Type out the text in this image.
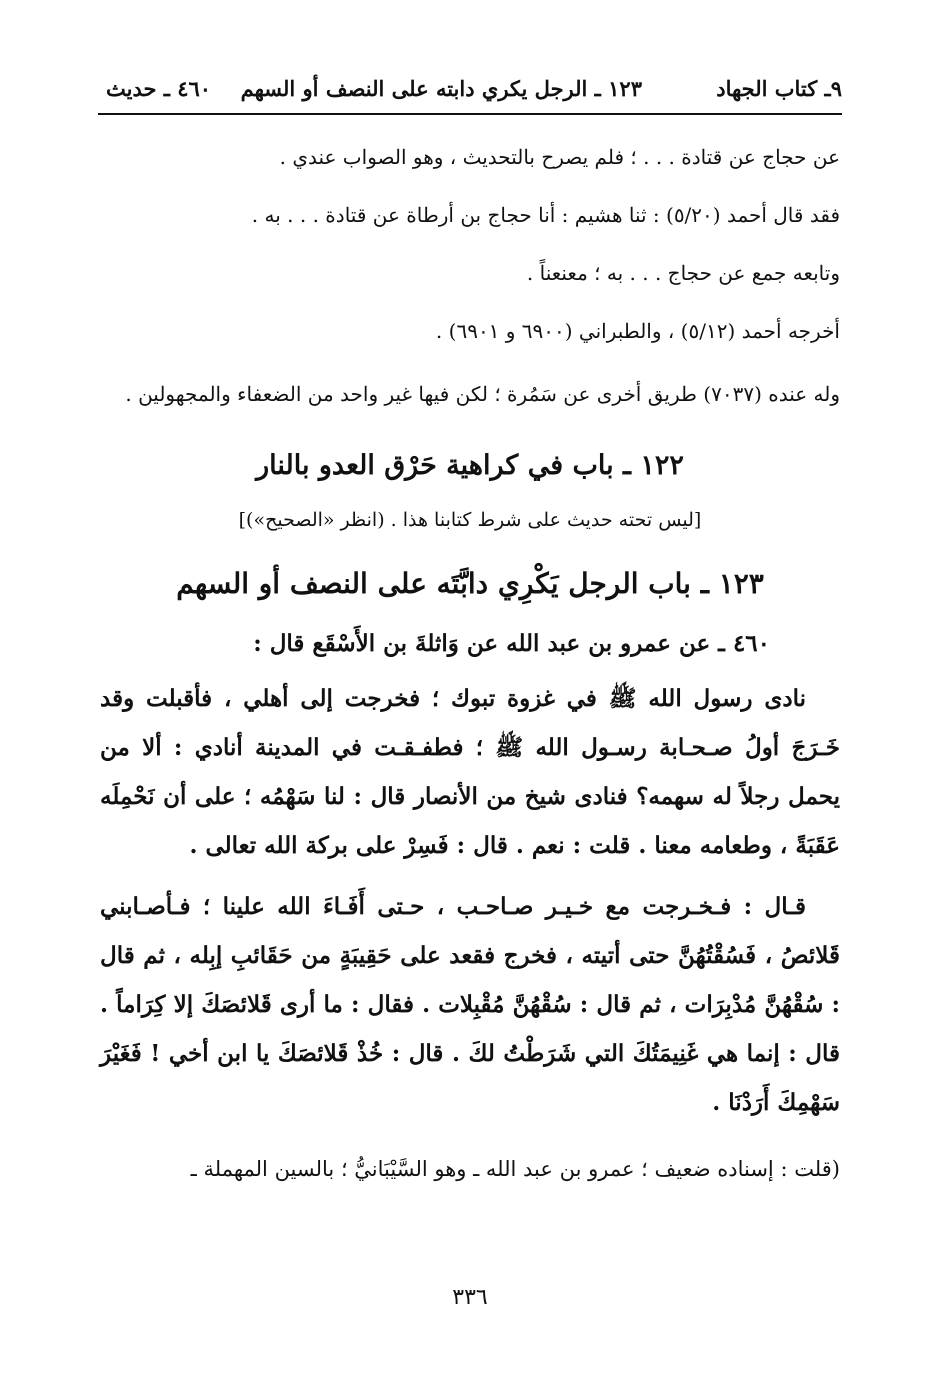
٩ـ كتاب الجهاد
١٢٣ ـ الرجل يكري دابته على النصف أو السهم
٤٦٠ ـ حديث
عن حجاج عن قتادة . . . ؛ فلم يصرح بالتحديث ، وهو الصواب عندي .
فقد قال أحمد (٥/٢٠) : ثنا هشيم : أنا حجاج بن أرطاة عن قتادة . . . به .
وتابعه جمع عن حجاج . . . به ؛ معنعناً .
أخرجه أحمد (٥/١٢) ، والطبراني (٦٩٠٠ و ٦٩٠١) .
وله عنده (٧٠٣٧) طريق أخرى عن سَمُرة ؛ لكن فيها غير واحد من الضعفاء والمجهولين .
١٢٢ ـ باب في كراهية حَرْق العدو بالنار
[ليس تحته حديث على شرط كتابنا هذا . (انظر «الصحيح»)]
١٢٣ ـ باب الرجل يَكْرِي دابَّتَه على النصف أو السهم
٤٦٠ ـ عن عمرو بن عبد الله عن وَاثلةَ بن الأَسْقَع قال :
نادى رسول الله ﷺ في غزوة تبوك ؛ فخرجت إلى أهلي ، فأقبلت وقد خَـرَجَ أولُ صـحـابة رسـول الله ﷺ ؛ فطفـقـت في المدينة أنادي : ألا من يحمل رجلاً له سهمه؟ فنادى شيخ من الأنصار قال : لنا سَهْمُه ؛ على أن نَحْمِلَه عَقَبَةً ، وطعامه معنا . قلت : نعم . قال : فَسِرْ على بركة الله تعالى .
قـال : فـخـرجت مع خـيـر صـاحـب ، حـتى أَفَـاءَ الله علينا ؛ فـأصـابني قَلائصُ ، فَسُقْتُهُنَّ حتى أتيته ، فخرج فقعد على حَقِيبَةٍ من حَقَائبِ إبِله ، ثم قال : سُقْهُنَّ مُدْبِرَات ، ثم قال : سُقْهُنَّ مُقْبِلات . فقال : ما أرى قَلائصَكَ إلا كِرَاماً . قال : إنما هي غَنِيمَتُكَ التي شَرَطْتُ لكَ . قال : خُذْ قَلائصَكَ يا ابن أخي ! فَغَيْرَ سَهْمِكَ أَرَدْنَا .
(قلت : إسناده ضعيف ؛ عمرو بن عبد الله ـ وهو السَّيْبَانيُّ ؛ بالسين المهملة ـ
٣٣٦
